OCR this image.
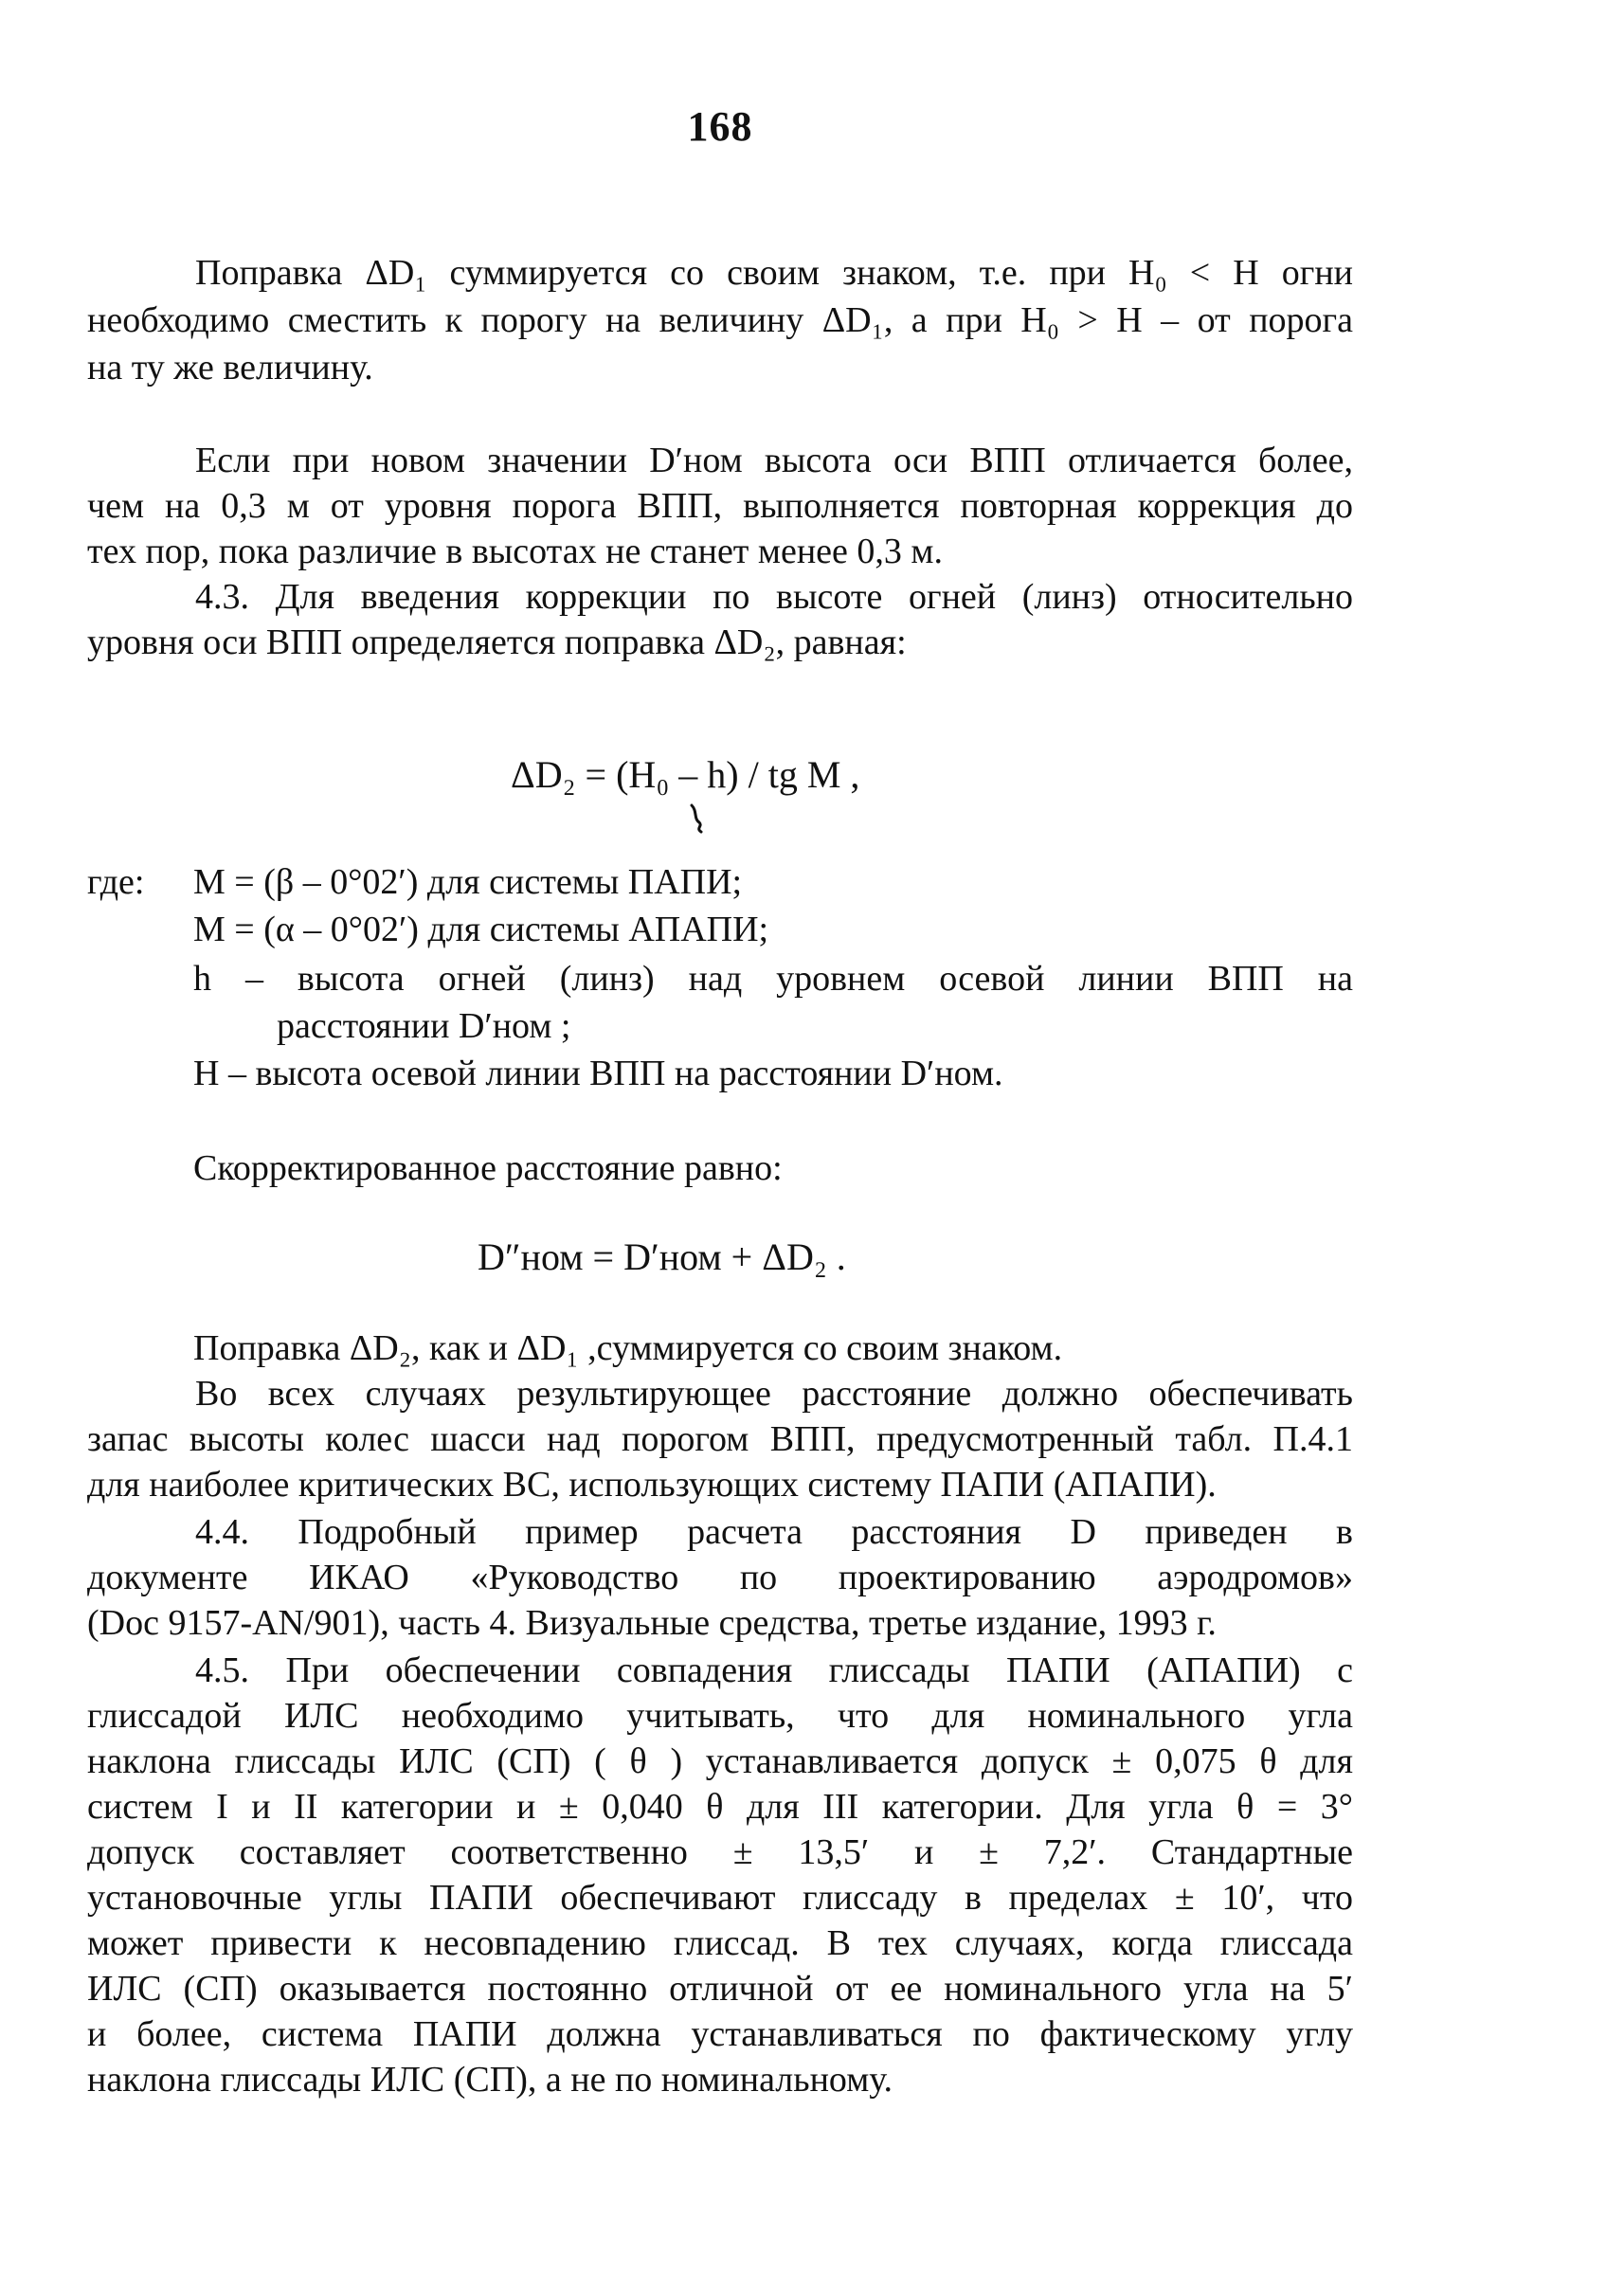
168
Поправка ΔD₁ суммируется со своим знаком, т.е. при H₀ < H огни
необходимо сместить к порогу на величину ΔD₁, а при H₀ > H – от порога
на ту же величину.
Если при новом значении D′ном высота оси ВПП отличается более,
чем на 0,3 м от уровня порога ВПП, выполняется повторная коррекция до
тех пор, пока различие в высотах не станет менее 0,3 м.
4.3. Для введения коррекции по высоте огней (линз) относительно
уровня оси ВПП определяется поправка ΔD₂, равная:
ΔD₂ = (H₀ – h) / tg M ,
где: M = (β – 0°02′) для системы ПАПИ;
M = (α – 0°02′) для системы АПАПИ;
h – высота огней (линз) над уровнем осевой линии ВПП на
расстоянии D′ном ;
H – высота осевой линии ВПП на расстоянии D′ном.
Скорректированное расстояние равно:
D″ном = D′ном + ΔD₂ .
Поправка ΔD₂, как и ΔD₁ ,суммируется со своим знаком.
Во всех случаях результирующее расстояние должно обеспечивать
запас высоты колес шасси над порогом ВПП, предусмотренный табл. П.4.1
для наиболее критических ВС, использующих систему ПАПИ (АПАПИ).
4.4. Подробный пример расчета расстояния D приведен в
документе ИКАО «Руководство по проектированию аэродромов»
(Doc 9157-AN/901), часть 4. Визуальные средства, третье издание, 1993 г.
4.5. При обеспечении совпадения глиссады ПАПИ (АПАПИ) с
глиссадой ИЛС необходимо учитывать, что для номинального угла
наклона глиссады ИЛС (СП) ( θ ) устанавливается допуск ± 0,075 θ для
систем I и II категории и ± 0,040 θ для III категории. Для угла θ = 3°
допуск составляет соответственно ± 13,5′ и ± 7,2′. Стандартные
установочные углы ПАПИ обеспечивают глиссаду в пределах ± 10′, что
может привести к несовпадению глиссад. В тех случаях, когда глиссада
ИЛС (СП) оказывается постоянно отличной от ее номинального угла на 5′
и более, система ПАПИ должна устанавливаться по фактическому углу
наклона глиссады ИЛС (СП), а не по номинальному.
